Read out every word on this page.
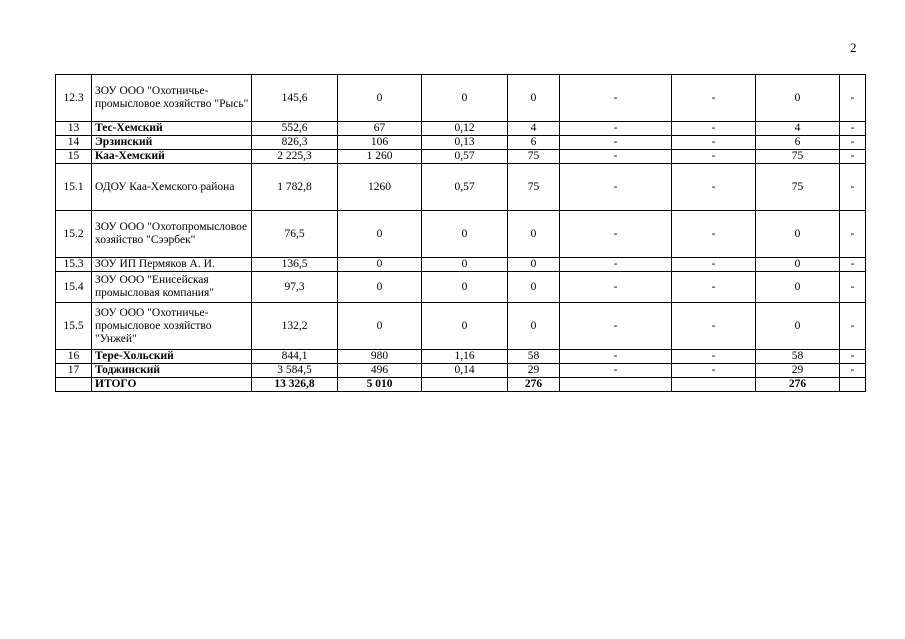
2
12.3	ЗОУ ООО "Охотничье-промысловое хозяйство "Рысь"	145,6	0	0	0	-	-	0	-
13	Тес-Хемский	552,6	67	0,12	4	-	-	4	-
14	Эрзинский	826,3	106	0,13	6	-	-	6	-
15	Каа-Хемский	2 225,3	1 260	0,57	75	-	-	75	-
15.1	ОДОУ Каа-Хемского района	1 782,8	1260	0,57	75	-	-	75	-
15.2	ЗОУ ООО "Охотопромысловое хозяйство "Сээрбек"	76,5	0	0	0	-	-	0	-
15.3	ЗОУ ИП Пермяков А. И.	136,5	0	0	0	-	-	0	-
15.4	ЗОУ ООО "Енисейская промысловая компания"	97,3	0	0	0	-	-	0	-
15.5	ЗОУ ООО "Охотничье-промысловое хозяйство "Унжей"	132,2	0	0	0	-	-	0	-
16	Тере-Хольский	844,1	980	1,16	58	-	-	58	-
17	Тоджинский	3 584,5	496	0,14	29	-	-	29	-
	ИТОГО	13 326,8	5 010		276			276	
